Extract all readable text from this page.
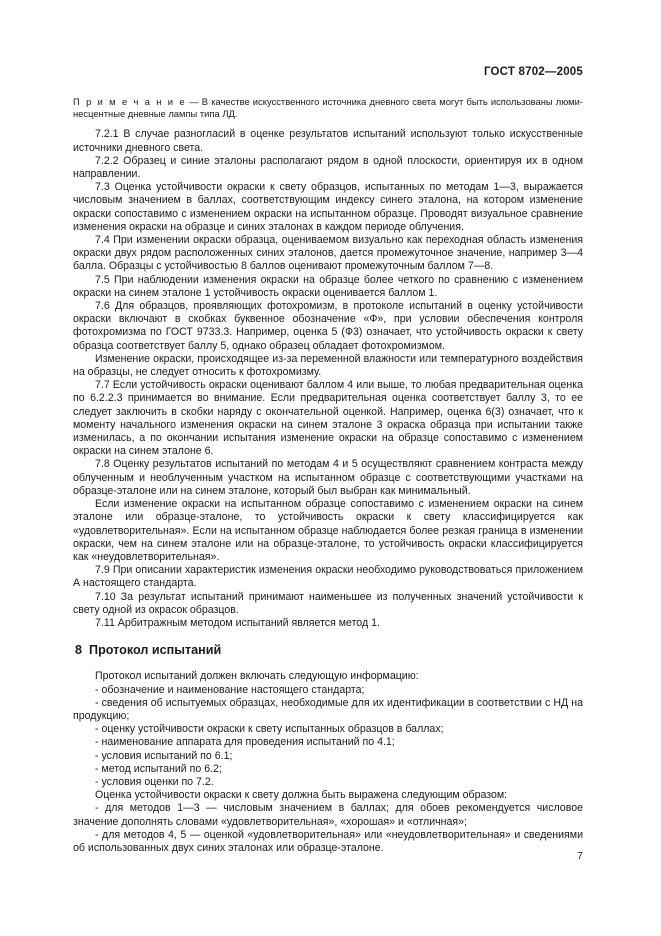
ГОСТ 8702—2005
П р и м е ч а н и е — В качестве искусственного источника дневного света могут быть использованы люми-несцентные дневные лампы типа ЛД.

7.2.1 В случае разногласий в оценке результатов испытаний используют только искусственные источники дневного света.

7.2.2 Образец и синие эталоны располагают рядом в одной плоскости, ориентируя их в одном направлении.

7.3 Оценка устойчивости окраски к свету образцов, испытанных по методам 1—3, выражается числовым значением в баллах, соответствующим индексу синего эталона, на котором изменение окраски сопоставимо с изменением окраски на испытанном образце. Проводят визуальное сравнение изменения окраски на образце и синих эталонах в каждом периоде облучения.

7.4 При изменении окраски образца, оцениваемом визуально как переходная область изменения окраски двух рядом расположенных синих эталонов, дается промежуточное значение, например 3—4 балла. Образцы с устойчивостью 8 баллов оценивают промежуточным баллом 7—8.

7.5 При наблюдении изменения окраски на образце более четкого по сравнению с изменением окраски на синем эталоне 1 устойчивость окраски оценивается баллом 1.

7.6 Для образцов, проявляющих фотохромизм, в протоколе испытаний в оценку устойчивости окраски включают в скобках буквенное обозначение «Ф», при условии обеспечения контроля фотохромизма по ГОСТ 9733.3. Например, оценка 5 (Ф3) означает, что устойчивость окраски к свету образца соответствует баллу 5, однако образец обладает фотохромизмом.

Изменение окраски, происходящее из-за переменной влажности или температурного воздействия на образцы, не следует относить к фотохромизму.

7.7 Если устойчивость окраски оценивают баллом 4 или выше, то любая предварительная оценка по 6.2.2.3 принимается во внимание. Если предварительная оценка соответствует баллу 3, то ее следует заключить в скобки наряду с окончательной оценкой. Например, оценка 6(3) означает, что к моменту начального изменения окраски на синем эталоне 3 окраска образца при испытании также изменилась, а по окончании испытания изменение окраски на образце сопоставимо с изменением окраски на синем эталоне 6.

7.8 Оценку результатов испытаний по методам 4 и 5 осуществляют сравнением контраста между облученным и необлученным участком на испытанном образце с соответствующими участками на образце-эталоне или на синем эталоне, который был выбран как минимальный.

Если изменение окраски на испытанном образце сопоставимо с изменением окраски на синем эталоне или образце-эталоне, то устойчивость окраски к свету классифицируется как «удовлетворительная». Если на испытанном образце наблюдается более резкая граница в изменении окраски, чем на синем эталоне или на образце-эталоне, то устойчивость окраски классифицируется как «неудовлетворительная».

7.9 При описании характеристик изменения окраски необходимо руководствоваться приложением А настоящего стандарта.

7.10 За результат испытаний принимают наименьшее из полученных значений устойчивости к свету одной из окрасок образцов.

7.11 Арбитражным методом испытаний является метод 1.

8 Протокол испытаний

Протокол испытаний должен включать следующую информацию:

- обозначение и наименование настоящего стандарта;

- сведения об испытуемых образцах, необходимые для их идентификации в соответствии с НД на продукцию;

- оценку устойчивости окраски к свету испытанных образцов в баллах;

- наименование аппарата для проведения испытаний по 4.1;

- условия испытаний по 6.1;

- метод испытаний по 6.2;

- условия оценки по 7.2.

Оценка устойчивости окраски к свету должна быть выражена следующим образом:

- для методов 1—3 — числовым значением в баллах; для обоев рекомендуется числовое значение дополнять словами «удовлетворительная», «хорошая» и «отличная»;

- для методов 4, 5 — оценкой «удовлетворительная» или «неудовлетворительная» и сведениями об использованных двух синих эталонах или образце-эталоне.

7
